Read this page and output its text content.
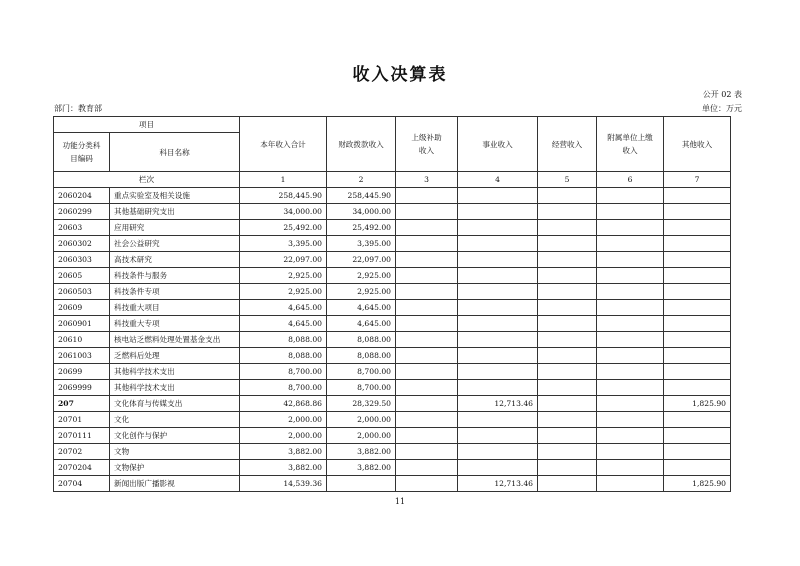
收入决算表
公开 02 表
部门：教育部	单位：万元
项目		本年收入合计	财政拨款收入	上级补助收入	事业收入	经营收入	附属单位上缴收入	其他收入
功能分类科目编码	科目名称							
栏次		1	2	3	4	5	6	7
2060204	重点实验室及相关设施	258,445.90	258,445.90					
2060299	其他基础研究支出	34,000.00	34,000.00					
20603	应用研究	25,492.00	25,492.00					
2060302	社会公益研究	3,395.00	3,395.00					
2060303	高技术研究	22,097.00	22,097.00					
20605	科技条件与服务	2,925.00	2,925.00					
2060503	科技条件专项	2,925.00	2,925.00					
20609	科技重大项目	4,645.00	4,645.00					
2060901	科技重大专项	4,645.00	4,645.00					
20610	核电站乏燃料处理处置基金支出	8,088.00	8,088.00					
2061003	乏燃料后处理	8,088.00	8,088.00					
20699	其他科学技术支出	8,700.00	8,700.00					
2069999	其他科学技术支出	8,700.00	8,700.00					
207	文化体育与传媒支出	42,868.86	28,329.50		12,713.46			1,825.90
20701	文化	2,000.00	2,000.00					
2070111	文化创作与保护	2,000.00	2,000.00					
20702	文物	3,882.00	3,882.00					
2070204	文物保护	3,882.00	3,882.00					
20704	新闻出版广播影视	14,539.36			12,713.46			1,825.90
11
